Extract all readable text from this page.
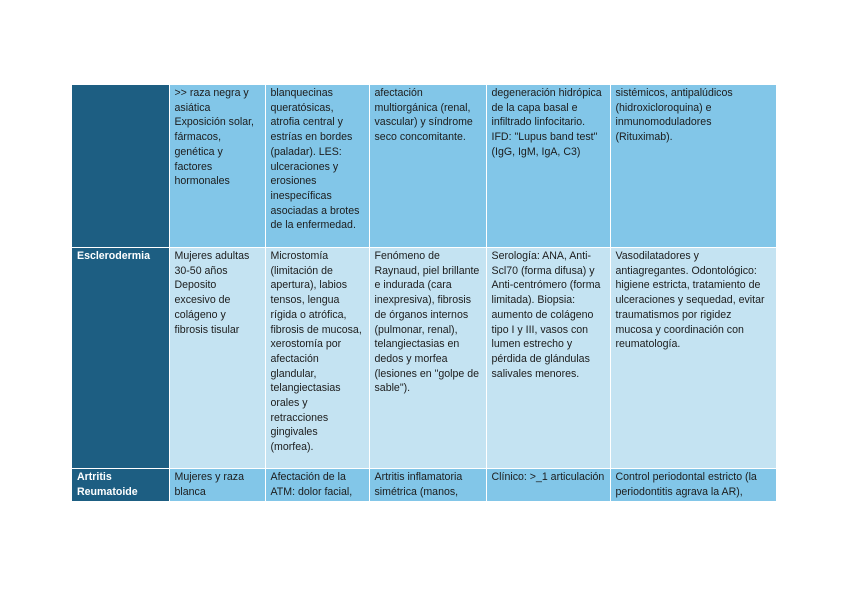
	>> raza negra y asiática Exposición solar, fármacos, genética y factores hormonales	blanquecinas queratósicas, atrofia central y estrías en bordes (paladar). LES: ulceraciones y erosiones inespecíficas asociadas a brotes de la enfermedad.	afectación multiorgánica (renal, vascular) y síndrome seco concomitante.	degeneración hidrópica de la capa basal e infiltrado linfocitario. IFD: "Lupus band test" (IgG, IgM, IgA, C3)	sistémicos, antipalúdicos (hidroxicloroquina) e inmunomoduladores (Rituximab).
Esclerodermia	Mujeres adultas 30-50 años Deposito excesivo de colágeno y fibrosis tisular	Microstomía (limitación de apertura), labios tensos, lengua rígida o atrófica, fibrosis de mucosa, xerostomía por afectación glandular, telangiectasias orales y retracciones gingivales (morfea).	Fenómeno de Raynaud, piel brillante e indurada (cara inexpresiva), fibrosis de órganos internos (pulmonar, renal), telangiectasias en dedos y morfea (lesiones en "golpe de sable").	Serología: ANA, Anti-Scl70 (forma difusa) y Anti-centrómero (forma limitada). Biopsia: aumento de colágeno tipo I y III, vasos con lumen estrecho y pérdida de glándulas salivales menores.	Vasodilatadores y antiagregantes. Odontológico: higiene estricta, tratamiento de ulceraciones y sequedad, evitar traumatismos por rigidez mucosa y coordinación con reumatología.
Artritis Reumatoide	Mujeres y raza blanca	Afectación de la ATM: dolor facial,	Artritis inflamatoria simétrica (manos,	Clínico: >_1 articulación	Control periodontal estricto (la periodontitis agrava la AR),
